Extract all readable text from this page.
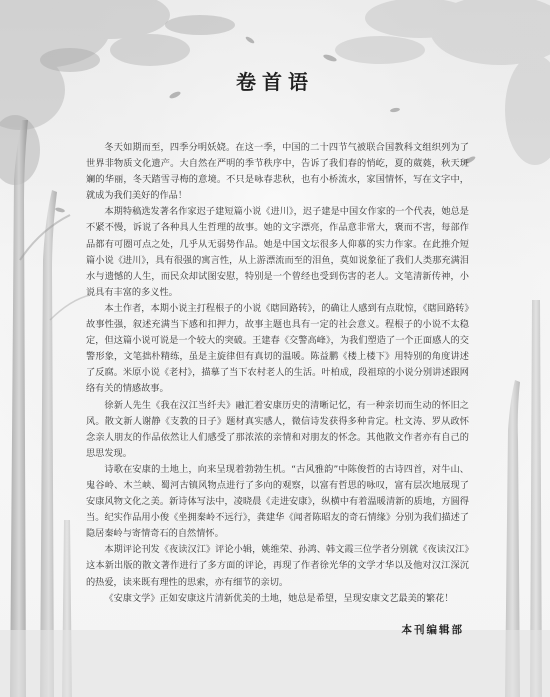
卷首语

冬天如期而至，四季分明妖娆。在这一季，中国的二十四节气被联合国教科文组织列为了世界非物质文化遗产。大自然在严明的季节秩序中，告诉了我们春的悄屹，夏的葳蕤，秋天斑斓的华丽，冬天踏雪寻梅的意境。不只是咏春悲秋，也有小桥流水，家国情怀，写在文字中，就成为我们美好的作品！

本期特稿选发著名作家迟子建短篇小说《进川》，迟子建是中国女作家的一个代表，她总是不紧不慢，诉说了各种具人生哲理的故事。她的文字漂亮，作品意非常大，褒而不害，每部作品都有可圈可点之处，几乎从无弱势作品。她是中国文坛很多人仰慕的实力作家。在此推介短篇小说《进川》，具有很强的寓言性，从上游漂流而至的泪鱼，莫如说象征了我们人类那充满泪水与遗憾的人生，而民众却试图安慰，特别是一个曾经也受到伤害的老人。文笔清新传神，小说具有丰富的多义性。

本土作者，本期小说主打程根子的小说《瞎回路转》，的确让人感到有点耽惊，《瞎回路转》故事性强，叙述充满当下感和扣押力，故事主题也具有一定的社会意义。程根子的小说不太稳定，但这篇小说可说是一个较大的突破。王建春《交警高峰》，为我们塑造了一个正面感人的交警形象，文笔拙朴精练，虽是主旋律但有真切的温暖。陈益鹏《楼上楼下》用特别的角度讲述了反腐。米原小说《老村》，描摹了当下农村老人的生活。叶柏成，段祖琼的小说分别讲述跟网络有关的情感故事。

徐新人先生《我在汉江当纤夫》融汇着安康历史的清晰记忆，有一种亲切而生动的怀旧之风。散文新人谢静《支教的日子》题材真实感人，微信诗发获得多种肯定。杜文涛、罗从政怀念亲人朋友的作品依然让人们感受了那浓浓的亲情和对朋友的怀念。其他散文作者亦有自己的思思发现。

诗歌在安康的土地上，向来呈现着勃勃生机。“古风雅韵”中陈俊哲的古诗四首，对牛山、鬼谷岭、木兰峡、蜀河古镇风物点进行了多向的观察，以富有哲思的咏叹，富有层次地展现了安康风物文化之美。新诗体写法中，凌晓晨《走进安康》，纵横中有着温暖清新的质地，方圆得当。纪实作品用小俊《坐拥秦岭不远行》，龚建华《闻者陈昭友的奇石情缘》分别为我们描述了隐居秦岭与寄情奇石的自然情怀。

本期评论刊发《夜读汉江》评论小辑，姚维荣、孙鸿、韩文霞三位学者分别就《夜读汉江》这本新出版的散文著作进行了多方面的评论，再现了作者徐光华的文学才华以及他对汉江深沉的热爱，读来既有理性的思索，亦有细节的亲切。

《安康文学》正如安康这片清新优美的土地，她总是希望，呈现安康文艺最美的繁花！

本刊编辑部
